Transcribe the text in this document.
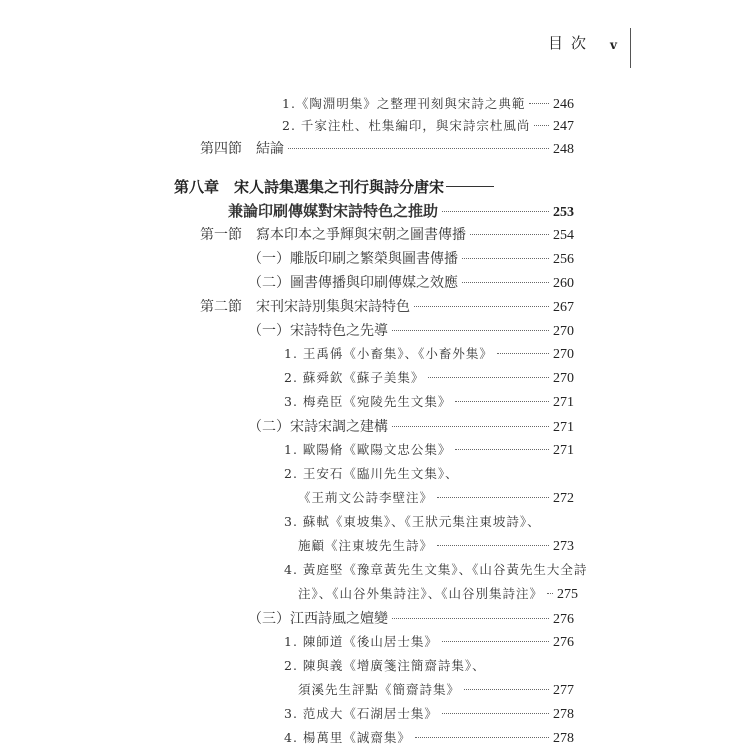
目次 v
1.《陶淵明集》之整理刊刻與宋詩之典範 246
2. 千家注杜、杜集編印，與宋詩宗杜風尚 247
第四節　結論	248
第八章　宋人詩集選集之刊行與詩分唐宋
兼論印刷傳媒對宋詩特色之推助	253
第一節　寫本印本之爭輝與宋朝之圖書傳播	254
（一）雕版印刷之繁榮與圖書傳播	256
（二）圖書傳播與印刷傳媒之效應	260
第二節　宋刊宋詩別集與宋詩特色	267
（一）宋詩特色之先導	270
1. 王禹偁《小畜集》、《小畜外集》	270
2. 蘇舜欽《蘇子美集》	270
3. 梅堯臣《宛陵先生文集》	271
（二）宋詩宋調之建構	271
1. 歐陽脩《歐陽文忠公集》	271
2. 王安石《臨川先生文集》、
《王荊文公詩李壁注》	272
3. 蘇軾《東坡集》、《王狀元集注東坡詩》、
施顧《注東坡先生詩》	273
4. 黃庭堅《豫章黃先生文集》、《山谷黃先生大全詩
注》、《山谷外集詩注》、《山谷別集詩注》 275
（三）江西詩風之嬗變	276
1. 陳師道《後山居士集》	276
2. 陳與義《增廣箋注簡齋詩集》、
須溪先生評點《簡齋詩集》	277
3. 范成大《石湖居士集》	278
4. 楊萬里《誠齋集》	278
